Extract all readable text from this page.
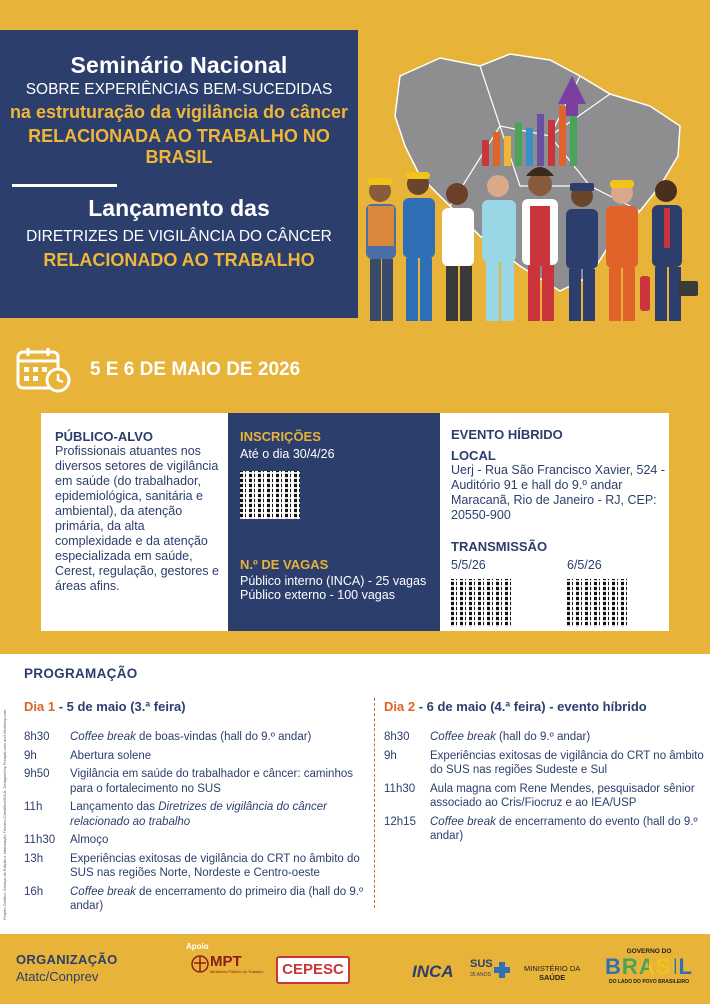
Seminário Nacional
SOBRE EXPERIÊNCIAS BEM-SUCEDIDAS
na estruturação da vigilância do câncer
RELACIONADA AO TRABALHO NO BRASIL
Lançamento das
DIRETRIZES DE VIGILÂNCIA DO CÂNCER
RELACIONADO AO TRABALHO
5 E 6 DE MAIO DE 2026
PÚBLICO-ALVO
Profissionais atuantes nos diversos setores de vigilância em saúde (do trabalhador, epidemiológica, sanitária e ambiental), da atenção primária, da alta complexidade e da atenção especializada em saúde, Cerest, regulação, gestores e áreas afins.
INSCRIÇÕES
Até o dia 30/4/26
N.º DE VAGAS
Público interno (INCA) - 25 vagas
Público externo - 100 vagas
EVENTO HÍBRIDO
LOCAL
Uerj - Rua São Francisco Xavier, 524 - Auditório 91 e hall do 9.º andar Maracanã, Rio de Janeiro - RJ, CEP: 20550-900
TRANSMISSÃO
5/5/26	6/5/26
PROGRAMAÇÃO
Dia 1 - 5 de maio (3.ª feira)
8h30	Coffee break de boas-vindas (hall do 9.º andar)
9h	Abertura solene
9h50	Vigilância em saúde do trabalhador e câncer: caminhos para o fortalecimento no SUS
11h	Lançamento das Diretrizes de vigilância do câncer relacionado ao trabalho
11h30	Almoço
13h	Experiências exitosas de vigilância do CRT no âmbito do SUS nas regiões Norte, Nordeste e Centro-oeste
16h	Coffee break de encerramento do primeiro dia (hall do 9.º andar)
Dia 2 - 6 de maio (4.ª feira) - evento híbrido
8h30	Coffee break (hall do 9.º andar)
9h	Experiências exitosas de vigilância do CRT no âmbito do SUS nas regiões Sudeste e Sul
11h30	Aula magna com Rene Mendes, pesquisador sênior associado ao Cris/Fiocruz e ao IEA/USP
12h15	Coffee break de encerramento do evento (hall do 9.º andar)
Projeto Gráfico: Serviço de Edição e Informação Técnico-Científica/INCA. Designed by Freepik.com and Vecteezy.com
ORGANIZAÇÃO
Atatc/Conprev
Apoio
MPT
Ministério Público do Trabalho	CEPESC	INCA SUS
35 ANOS
MINISTÉRIO DA
SAÚDE
GOVERNO DO
BRASIL
DO LADO DO POVO BRASILEIRO
